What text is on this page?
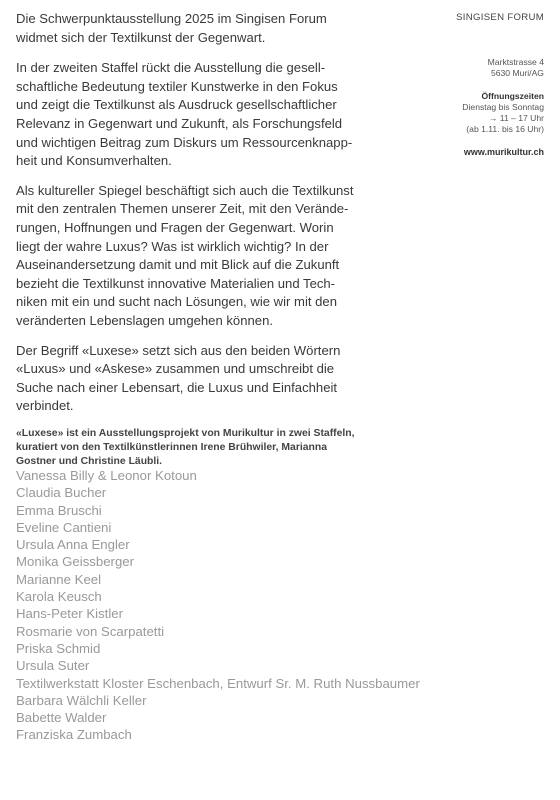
Die Schwerpunktausstellung 2025 im Singisen Forum
widmet sich der Textilkunst der Gegenwart.

In der zweiten Staffel rückt die Ausstellung die gesell-
schaftliche Bedeutung textiler Kunstwerke in den Fokus
und zeigt die Textilkunst als Ausdruck gesellschaftlicher
Relevanz in Gegenwart und Zukunft, als Forschungsfeld
und wichtigen Beitrag zum Diskurs um Ressourcenknapp-
heit und Konsumverhalten.

Als kultureller Spiegel beschäftigt sich auch die Textilkunst
mit den zentralen Themen unserer Zeit, mit den Verände-
rungen, Hoffnungen und Fragen der Gegenwart. Worin
liegt der wahre Luxus? Was ist wirklich wichtig? In der
Auseinandersetzung damit und mit Blick auf die Zukunft
bezieht die Textilkunst innovative Materialien und Tech-
niken mit ein und sucht nach Lösungen, wie wir mit den
veränderten Lebenslagen umgehen können.

Der Begriff «Luxese» setzt sich aus den beiden Wörtern
«Luxus» und «Askese» zusammen und umschreibt die
Suche nach einer Lebensart, die Luxus und Einfachheit
verbindet.

«Luxese» ist ein Ausstellungsprojekt von Murikultur in zwei Staffeln,
kuratiert von den Textilkünstlerinnen Irene Brühwiler, Marianna
Gostner und Christine Läubli.

SINGISEN FORUM
Marktstrasse 4
5630 Muri/AG
Öffnungszeiten
Dienstag bis Sonntag
→ 11 – 17 Uhr
(ab 1.11. bis 16 Uhr)
www.murikultur.ch
Vanessa Billy & Leonor Kotoun
Claudia Bucher
Emma Bruschi
Eveline Cantieni
Ursula Anna Engler
Monika Geissberger
Marianne Keel
Karola Keusch
Hans-Peter Kistler
Rosmarie von Scarpatetti
Priska Schmid
Ursula Suter
Textilwerkstatt Kloster Eschenbach, Entwurf Sr. M. Ruth Nussbaumer
Barbara Wälchli Keller
Babette Walder
Franziska Zumbach
